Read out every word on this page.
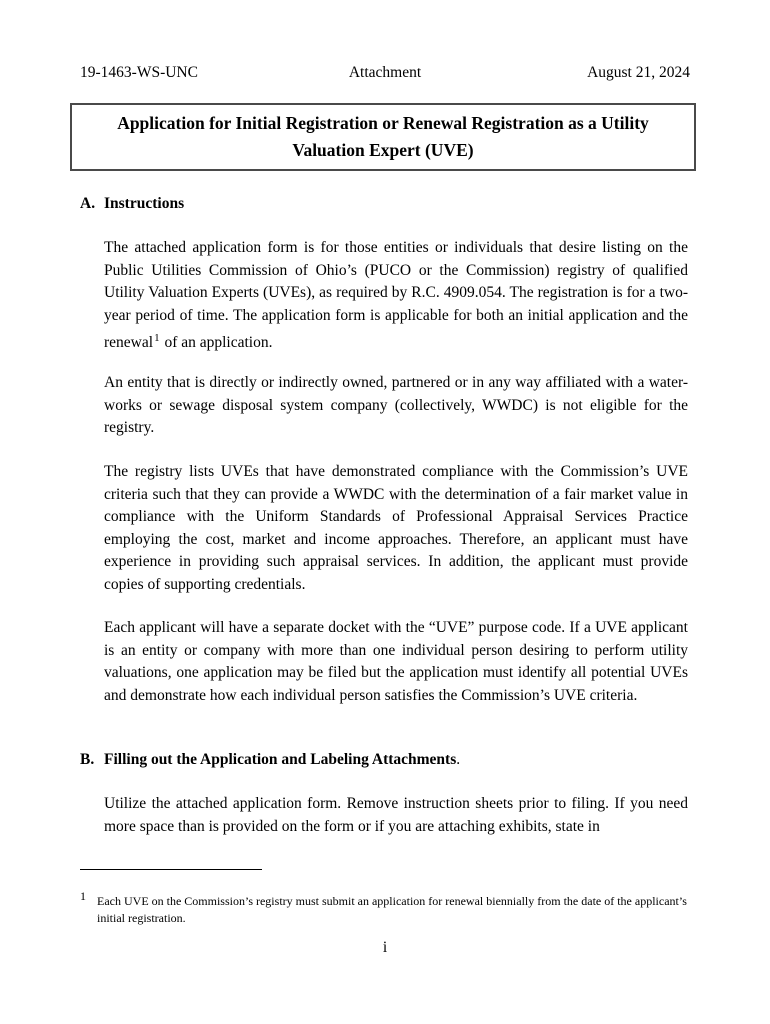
19-1463-WS-UNC	Attachment	August 21, 2024
Application for Initial Registration or Renewal Registration as a Utility Valuation Expert (UVE)
A. Instructions

The attached application form is for those entities or individuals that desire listing on the Public Utilities Commission of Ohio’s (PUCO or the Commission) registry of qualified Utility Valuation Experts (UVEs), as required by R.C. 4909.054. The registration is for a two-year period of time. The application form is applicable for both an initial application and the renewal$^1$ of an application.

An entity that is directly or indirectly owned, partnered or in any way affiliated with a water-works or sewage disposal system company (collectively, WWDC) is not eligible for the registry.

The registry lists UVEs that have demonstrated compliance with the Commission’s UVE criteria such that they can provide a WWDC with the determination of a fair market value in compliance with the Uniform Standards of Professional Appraisal Services Practice employing the cost, market and income approaches. Therefore, an applicant must have experience in providing such appraisal services. In addition, the applicant must provide copies of supporting credentials.

Each applicant will have a separate docket with the “UVE” purpose code. If a UVE applicant is an entity or company with more than one individual person desiring to perform utility valuations, one application may be filed but the application must identify all potential UVEs and demonstrate how each individual person satisfies the Commission’s UVE criteria.

B. Filling out the Application and Labeling Attachments.

Utilize the attached application form. Remove instruction sheets prior to filing. If you need more space than is provided on the form or if you are attaching exhibits, state in

1 Each UVE on the Commission’s registry must submit an application for renewal biennially from the date of the applicant’s initial registration.

i
